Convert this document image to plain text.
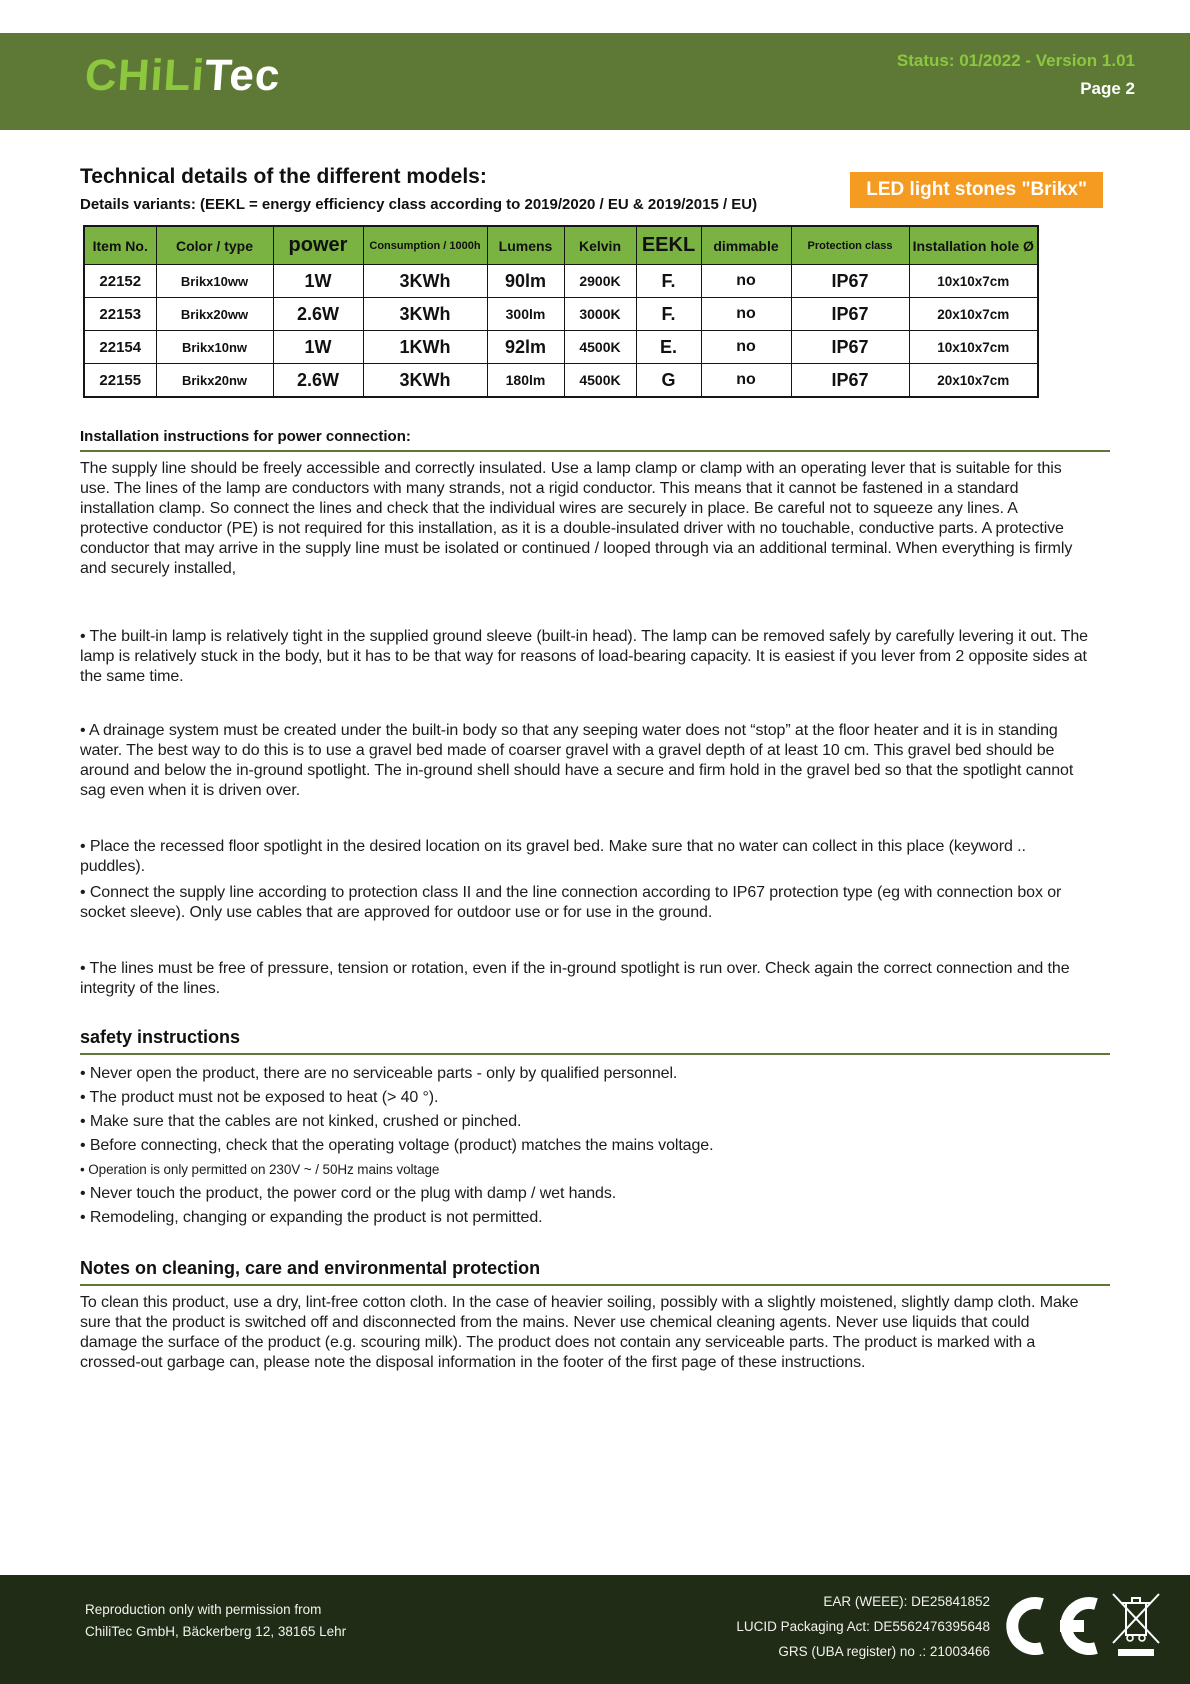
CHiLiTec	Status: 01/2022 - Version 1.01
Page 2
Technical details of the different models:
LED light stones "Brikx"
Details variants: (EEKL = energy efficiency class according to 2019/2020 / EU & 2019/2015 / EU)
Item No.	Color / type	power	Consumption / 1000h	Lumens	Kelvin	EEKL	dimmable	Protection class	Installation hole Ø
22152	Brikx10ww	1W	3KWh	90lm	2900K	F.	no	IP67	10x10x7cm
22153	Brikx20ww	2.6W	3KWh	300lm	3000K	F.	no	IP67	20x10x7cm
22154	Brikx10nw	1W	1KWh	92lm	4500K	E.	no	IP67	10x10x7cm
22155	Brikx20nw	2.6W	3KWh	180lm	4500K	G	no	IP67	20x10x7cm
Installation instructions for power connection:

The supply line should be freely accessible and correctly insulated. Use a lamp clamp or clamp with an operating lever that is suitable for this use. The lines of the lamp are conductors with many strands, not a rigid conductor. This means that it cannot be fastened in a standard installation clamp. So connect the lines and check that the individual wires are securely in place. Be careful not to squeeze any lines. A protective conductor (PE) is not required for this installation, as it is a double-insulated driver with no touchable, conductive parts. A protective conductor that may arrive in the supply line must be isolated or continued / looped through via an additional terminal. When everything is firmly and securely installed,

• The built-in lamp is relatively tight in the supplied ground sleeve (built-in head). The lamp can be removed safely by carefully levering it out. The lamp is relatively stuck in the body, but it has to be that way for reasons of load-bearing capacity. It is easiest if you lever from 2 opposite sides at the same time.

• A drainage system must be created under the built-in body so that any seeping water does not “stop” at the floor heater and it is in standing water. The best way to do this is to use a gravel bed made of coarser gravel with a gravel depth of at least 10 cm. This gravel bed should be around and below the in-ground spotlight. The in-ground shell should have a secure and firm hold in the gravel bed so that the spotlight cannot sag even when it is driven over.

• Place the recessed floor spotlight in the desired location on its gravel bed. Make sure that no water can collect in this place (keyword .. puddles).

• Connect the supply line according to protection class II and the line connection according to IP67 protection type (eg with connection box or socket sleeve). Only use cables that are approved for outdoor use or for use in the ground.

• The lines must be free of pressure, tension or rotation, even if the in-ground spotlight is run over. Check again the correct connection and the integrity of the lines.

safety instructions

• Never open the product, there are no serviceable parts - only by qualified personnel.

• The product must not be exposed to heat (> 40 °).

• Make sure that the cables are not kinked, crushed or pinched.

• Before connecting, check that the operating voltage (product) matches the mains voltage.

• Operation is only permitted on 230V ~ / 50Hz mains voltage

• Never touch the product, the power cord or the plug with damp / wet hands.

• Remodeling, changing or expanding the product is not permitted.

Notes on cleaning, care and environmental protection

To clean this product, use a dry, lint-free cotton cloth. In the case of heavier soiling, possibly with a slightly moistened, slightly damp cloth. Make sure that the product is switched off and disconnected from the mains. Never use chemical cleaning agents. Never use liquids that could damage the surface of the product (e.g. scouring milk). The product does not contain any serviceable parts. The product is marked with a crossed-out garbage can, please note the disposal information in the footer of the first page of these instructions.

Reproduction only with permission from
ChiliTec GmbH, Bäckerberg 12, 38165 Lehr
EAR (WEEE): DE25841852
LUCID Packaging Act: DE5562476395648
GRS (UBA register) no .: 21003466
